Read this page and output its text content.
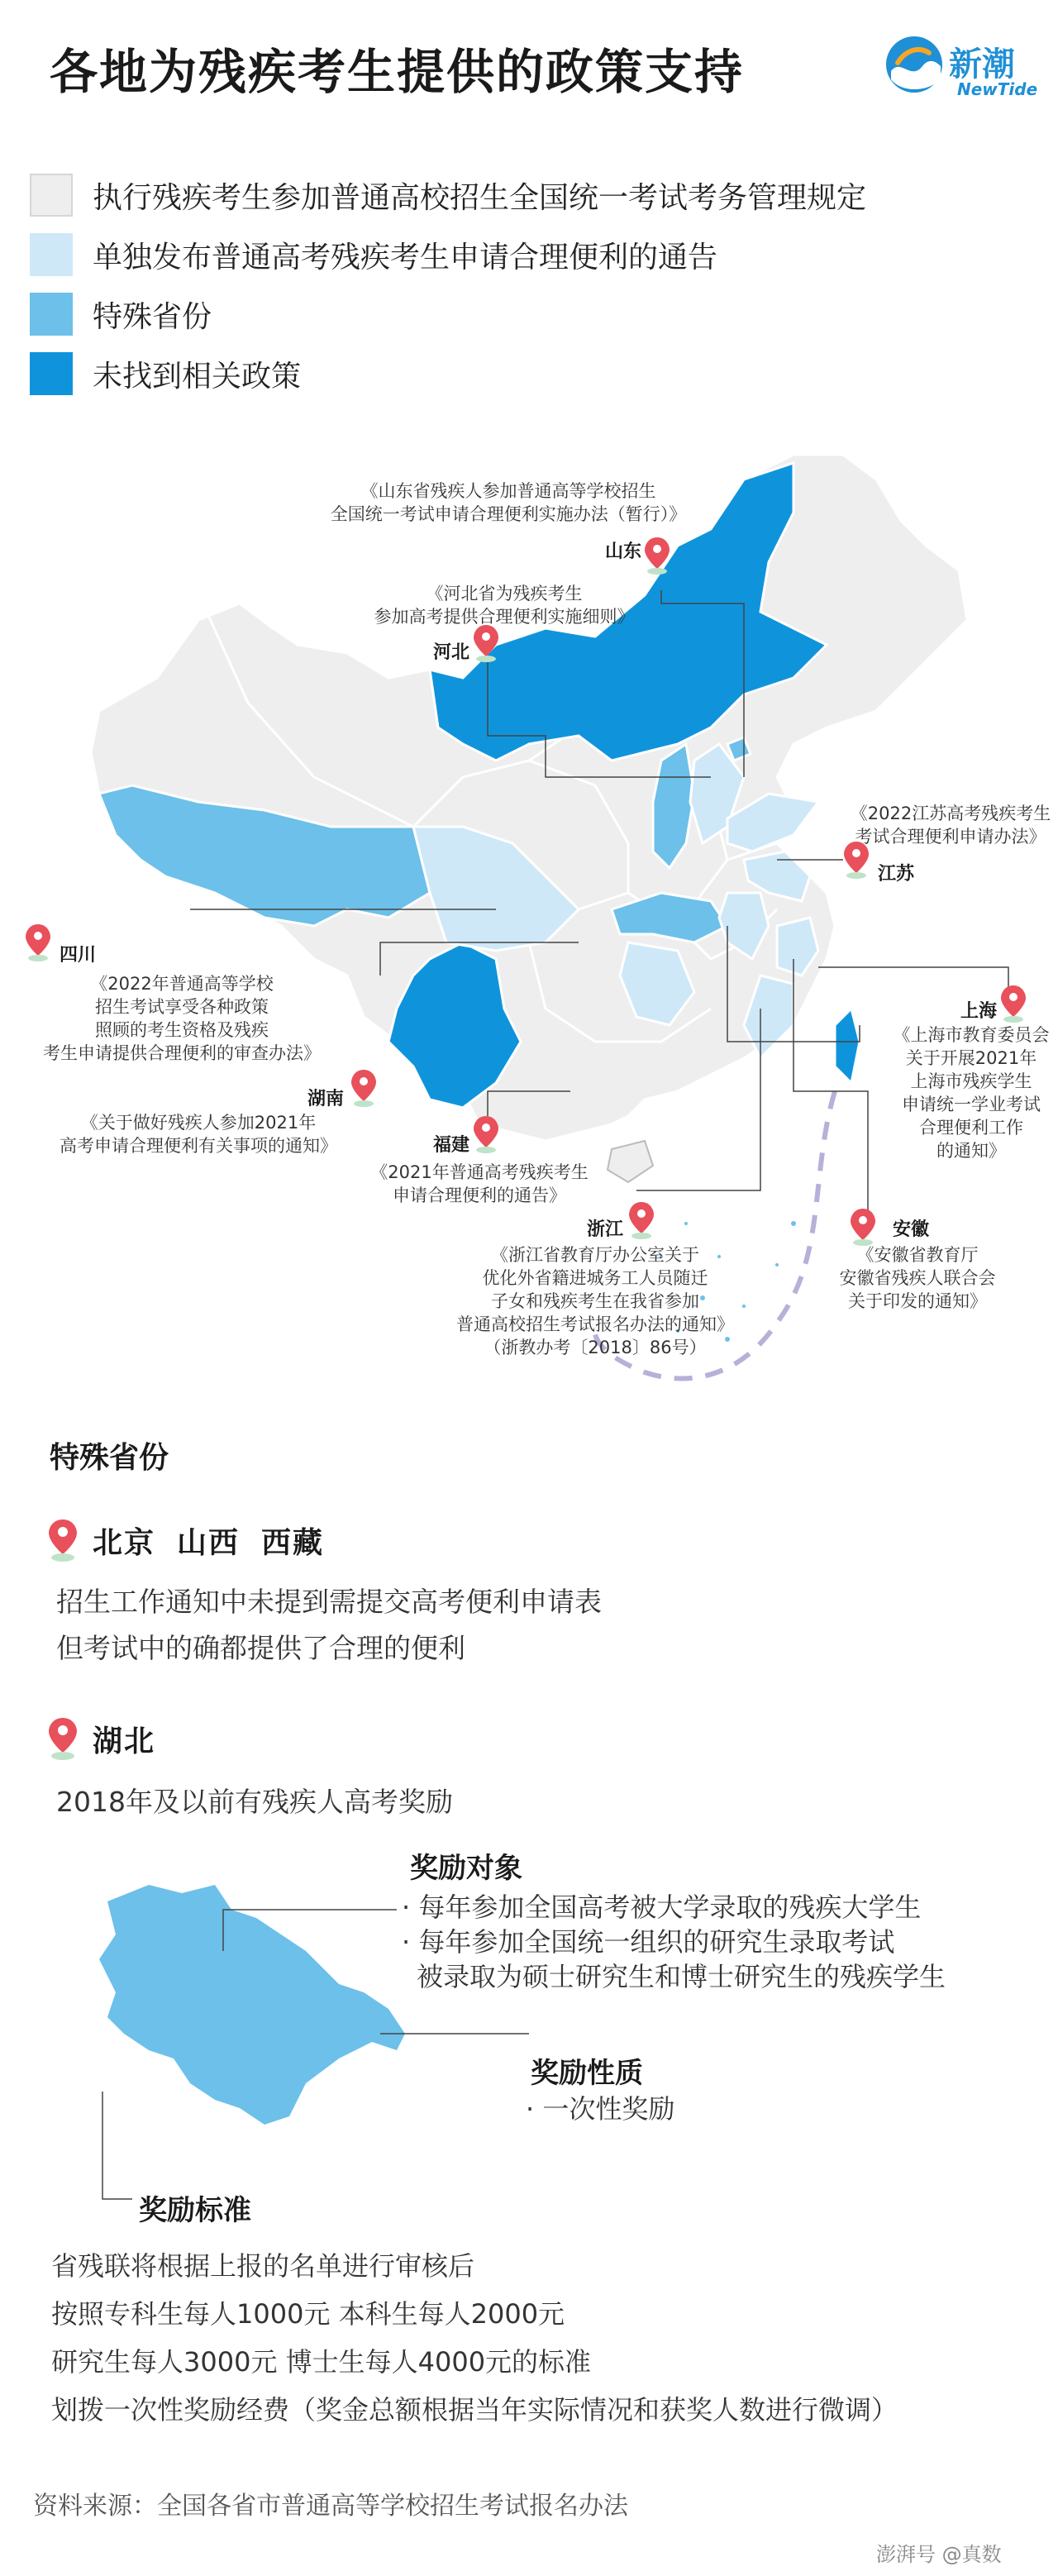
各地为残疾考生提供的政策支持	新潮
NewTide
执行残疾考生参加普通高校招生全国统一考试考务管理规定
单独发布普通高考残疾考生申请合理便利的通告
特殊省份
未找到相关政策
《山东省残疾人参加普通高等学校招生
全国统一考试申请合理便利实施办法（暂行）》
山东
《河北省为残疾考生
参加高考提供合理便利实施细则》
河北
《2022江苏高考残疾考生
考试合理便利申请办法》
江苏
四川
《2022年普通高等学校
招生考试享受各种政策
照顾的考生资格及残疾
考生申请提供合理便利的审查办法》
湖南
《关于做好残疾人参加2021年
高考申请合理便利有关事项的通知》	福建
《2021年普通高考残疾考生
申请合理便利的通告》
上海
《上海市教育委员会
关于开展2021年
上海市残疾学生
申请统一学业考试
合理便利工作
的通知》
浙江
《浙江省教育厅办公室关于
优化外省籍进城务工人员随迁
子女和残疾考生在我省参加
普通高校招生考试报名办法的通知》
（浙教办考〔2018〕86号）
安徽
《安徽省教育厅
安徽省残疾人联合会
关于印发的通知》
特殊省份
北京 山西 西藏
招生工作通知中未提到需提交高考便利申请表
但考试中的确都提供了合理的便利
湖北
2018年及以前有残疾人高考奖励
奖励对象
· 每年参加全国高考被大学录取的残疾大学生
· 每年参加全国统一组织的研究生录取考试
被录取为硕士研究生和博士研究生的残疾学生
奖励性质
· 一次性奖励
奖励标准
省残联将根据上报的名单进行审核后
按照专科生每人1000元 本科生每人2000元
研究生每人3000元 博士生每人4000元的标准
划拨一次性奖励经费（奖金总额根据当年实际情况和获奖人数进行微调）
资料来源：全国各省市普通高等学校招生考试报名办法
澎湃号 @真数
